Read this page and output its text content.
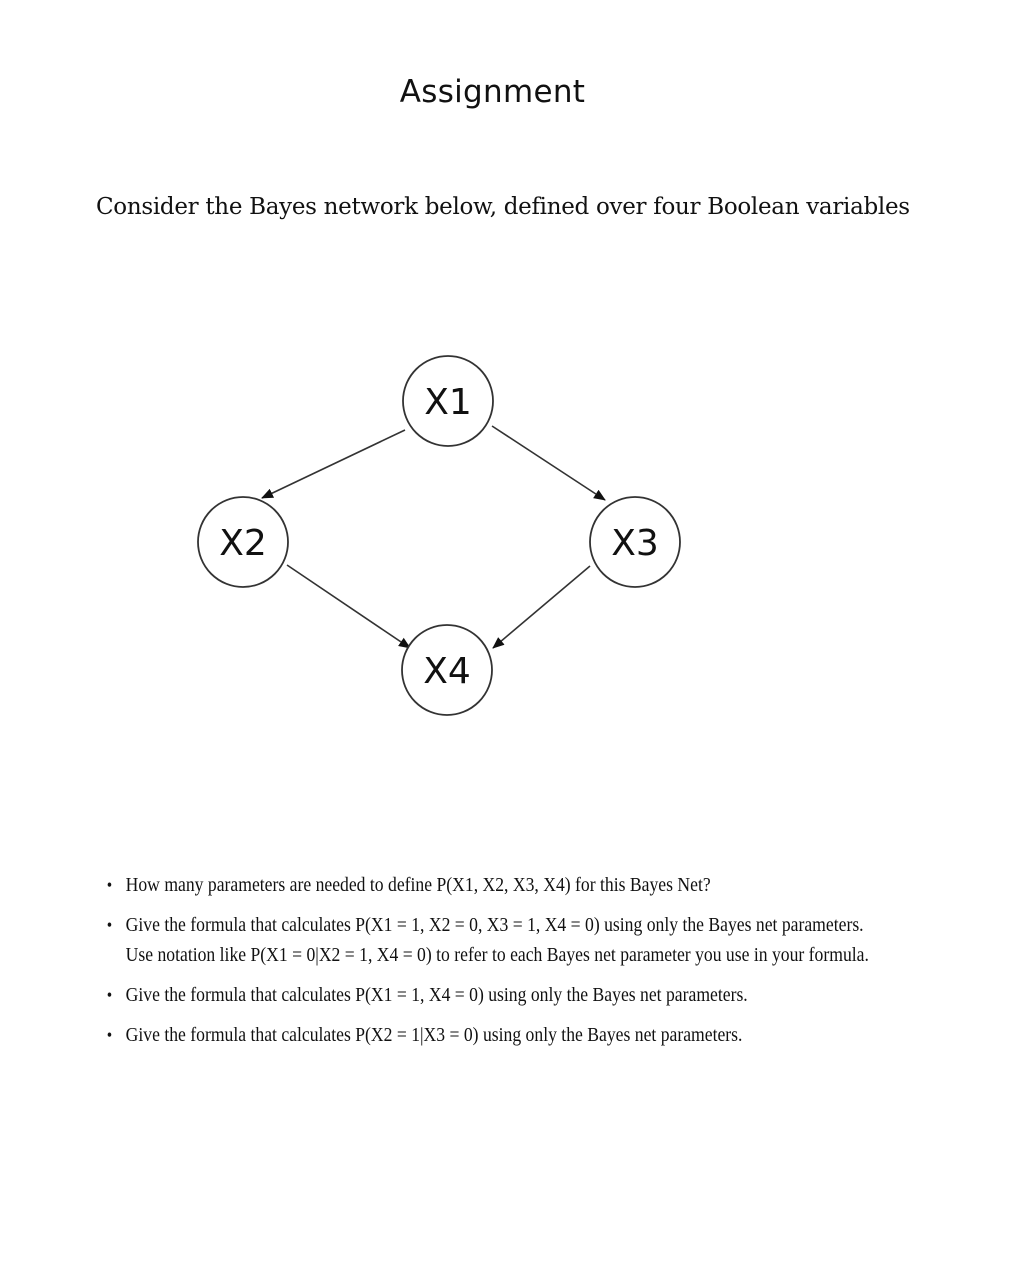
Assignment
Consider the Bayes network below, defined over four Boolean variables
X1
X2	X3
X4
• How many parameters are needed to define P(X1, X2, X3, X4) for this Bayes Net?
• Give the formula that calculates P(X1 = 1, X2 = 0, X3 = 1, X4 = 0) using only the Bayes net parameters. Use notation like P(X1 = 0|X2 = 1, X4 = 0) to refer to each Bayes net parameter you use in your formula.
• Give the formula that calculates P(X1 = 1, X4 = 0) using only the Bayes net parameters.
• Give the formula that calculates P(X2 = 1|X3 = 0) using only the Bayes net parameters.
